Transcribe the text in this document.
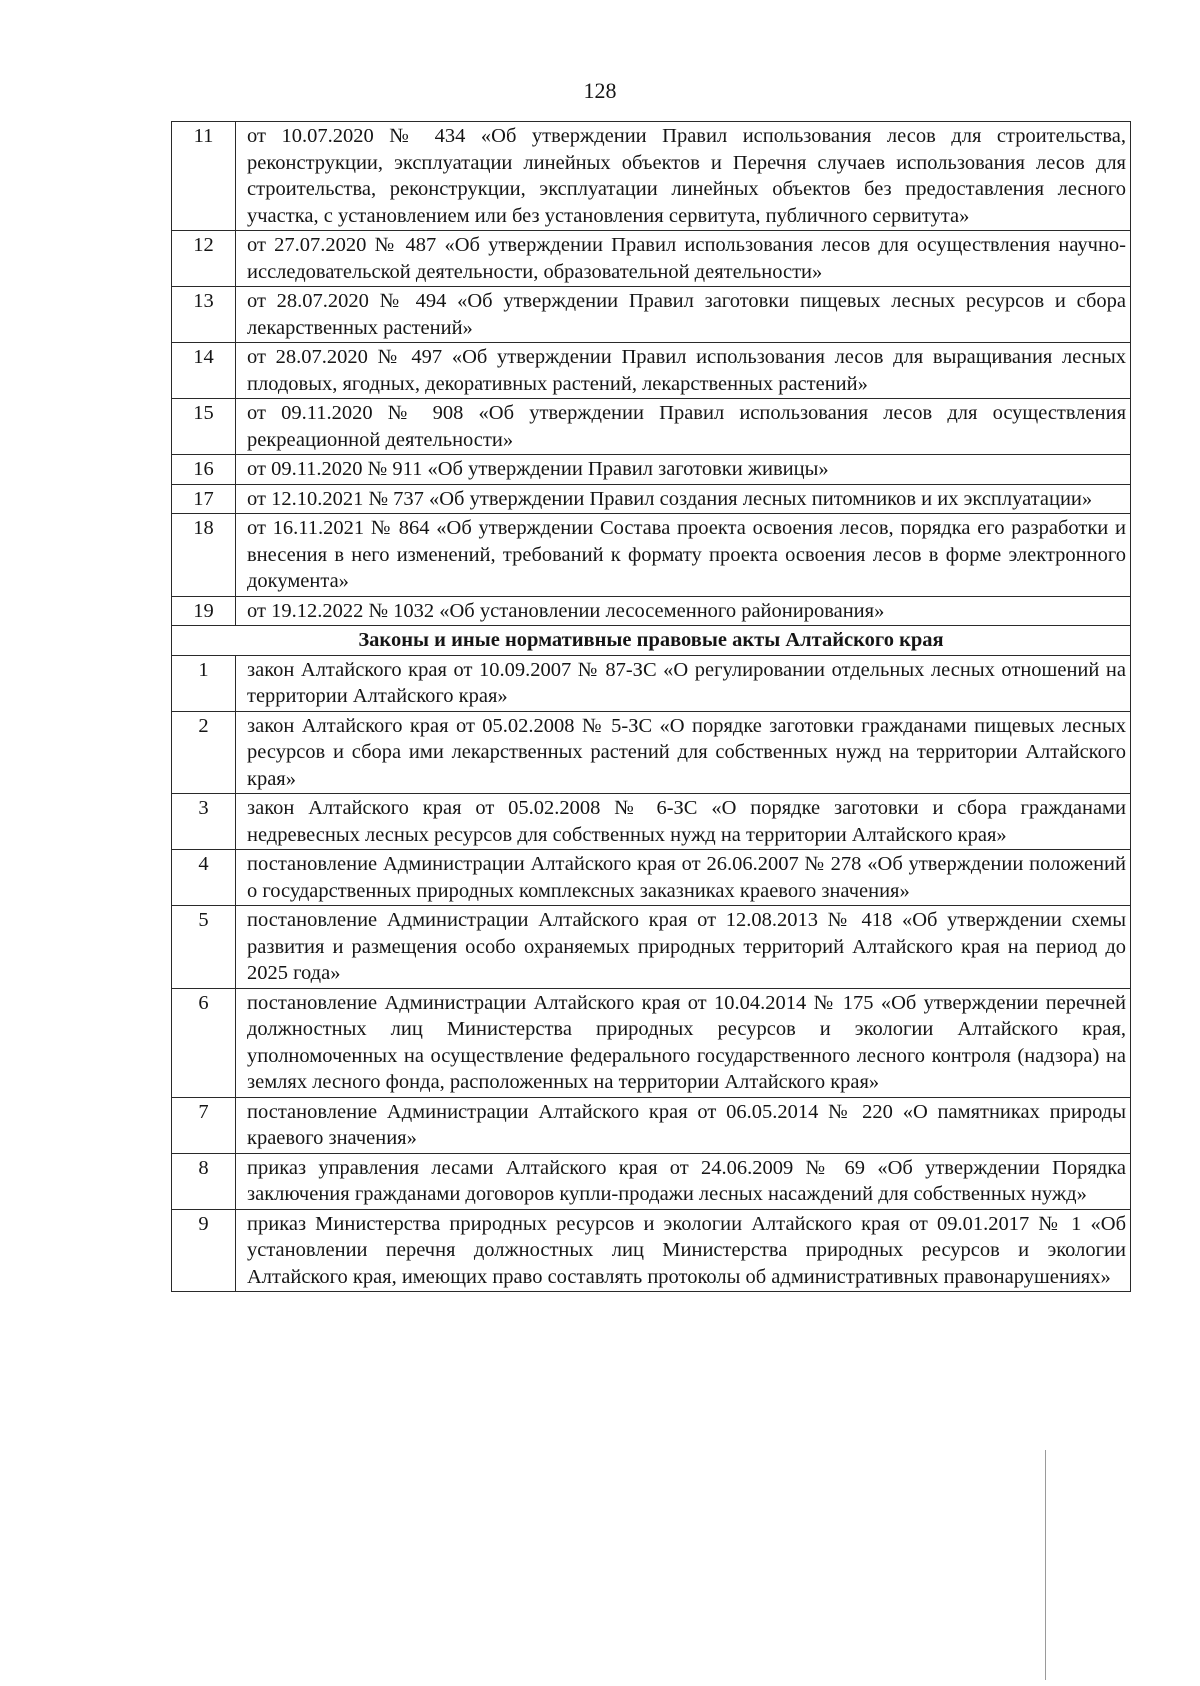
128
11	от 10.07.2020 № 434 «Об утверждении Правил использования лесов для строительства, реконструкции, эксплуатации линейных объектов и Перечня случаев использования лесов для строительства, реконструкции, эксплуатации линейных объектов без предоставления лесного участка, с установлением или без установления сервитута, публичного сервитута»
12	от 27.07.2020 № 487 «Об утверждении Правил использования лесов для осуществления научно-исследовательской деятельности, образовательной деятельности»
13	от 28.07.2020 № 494 «Об утверждении Правил заготовки пищевых лесных ресурсов и сбора лекарственных растений»
14	от 28.07.2020 № 497 «Об утверждении Правил использования лесов для выращивания лесных плодовых, ягодных, декоративных растений, лекарственных растений»
15	от 09.11.2020 № 908 «Об утверждении Правил использования лесов для осуществления рекреационной деятельности»
16	от 09.11.2020 № 911 «Об утверждении Правил заготовки живицы»
17	от 12.10.2021 № 737 «Об утверждении Правил создания лесных питомников и их эксплуатации»
18	от 16.11.2021 № 864 «Об утверждении Состава проекта освоения лесов, порядка его разработки и внесения в него изменений, требований к формату проекта освоения лесов в форме электронного документа»
19	от 19.12.2022 № 1032 «Об установлении лесосеменного районирования»
Законы и иные нормативные правовые акты Алтайского края	
1	закон Алтайского края от 10.09.2007 № 87-ЗС «О регулировании отдельных лесных отношений на территории Алтайского края»
2	закон Алтайского края от 05.02.2008 № 5-ЗС «О порядке заготовки гражданами пищевых лесных ресурсов и сбора ими лекарственных растений для собственных нужд на территории Алтайского края»
3	закон Алтайского края от 05.02.2008 № 6-ЗС «О порядке заготовки и сбора гражданами недревесных лесных ресурсов для собственных нужд на территории Алтайского края»
4	постановление Администрации Алтайского края от 26.06.2007 № 278 «Об утверждении положений о государственных природных комплексных заказниках краевого значения»
5	постановление Администрации Алтайского края от 12.08.2013 № 418 «Об утверждении схемы развития и размещения особо охраняемых природных территорий Алтайского края на период до 2025 года»
6	постановление Администрации Алтайского края от 10.04.2014 № 175 «Об утверждении перечней должностных лиц Министерства природных ресурсов и экологии Алтайского края, уполномоченных на осуществление федерального государственного лесного контроля (надзора) на землях лесного фонда, расположенных на территории Алтайского края»
7	постановление Администрации Алтайского края от 06.05.2014 № 220 «О памятниках природы краевого значения»
8	приказ управления лесами Алтайского края от 24.06.2009 № 69 «Об утверждении Порядка заключения гражданами договоров купли-продажи лесных насаждений для собственных нужд»
9	приказ Министерства природных ресурсов и экологии Алтайского края от 09.01.2017 № 1 «Об установлении перечня должностных лиц Министерства природных ресурсов и экологии Алтайского края, имеющих право составлять протоколы об административных правонарушениях»
